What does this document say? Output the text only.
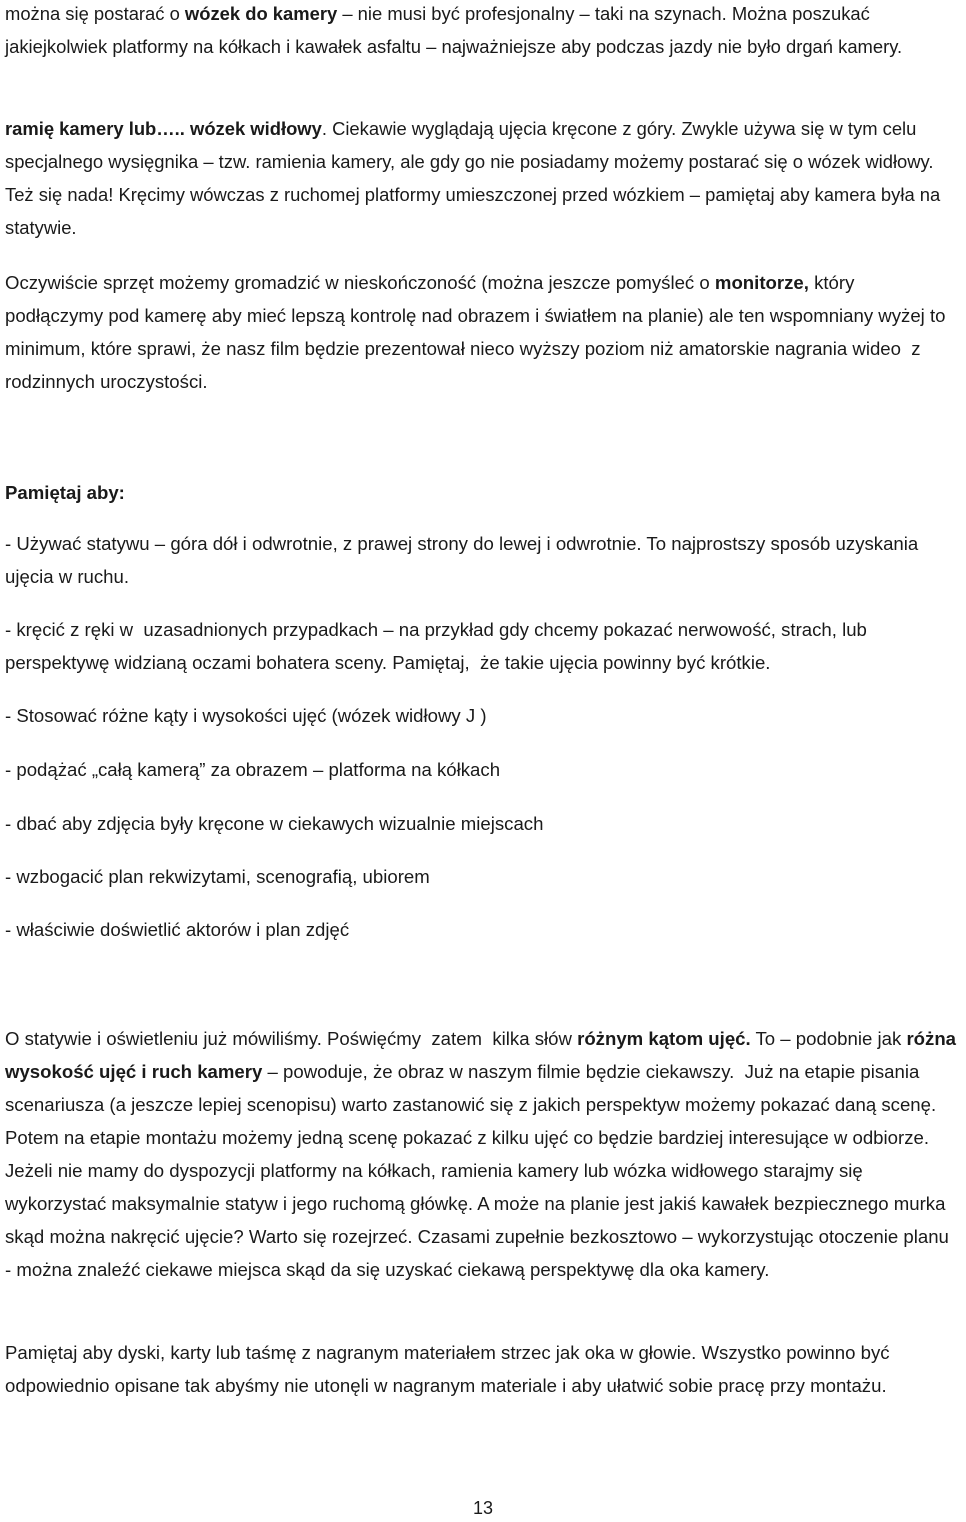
można się postarać o wózek do kamery – nie musi być profesjonalny – taki na szynach. Można poszukać jakiejkolwiek platformy na kółkach i kawałek asfaltu – najważniejsze aby podczas jazdy nie było drgań kamery.

ramię kamery lub….. wózek widłowy. Ciekawie wyglądają ujęcia kręcone z góry. Zwykle używa się w tym celu specjalnego wysięgnika – tzw. ramienia kamery, ale gdy go nie posiadamy możemy postarać się o wózek widłowy. Też się nada! Kręcimy wówczas z ruchomej platformy umieszczonej przed wózkiem – pamiętaj aby kamera była na statywie.

Oczywiście sprzęt możemy gromadzić w nieskończoność (można jeszcze pomyśleć o monitorze, który podłączymy pod kamerę aby mieć lepszą kontrolę nad obrazem i światłem na planie) ale ten wspomniany wyżej to minimum, które sprawi, że nasz film będzie prezentował nieco wyższy poziom niż amatorskie nagrania wideo  z rodzinnych uroczystości.

Pamiętaj aby:

- Używać statywu – góra dół i odwrotnie, z prawej strony do lewej i odwrotnie. To najprostszy sposób uzyskania ujęcia w ruchu.

- kręcić z ręki w  uzasadnionych przypadkach – na przykład gdy chcemy pokazać nerwowość, strach, lub perspektywę widzianą oczami bohatera sceny. Pamiętaj,  że takie ujęcia powinny być krótkie.

- Stosować różne kąty i wysokości ujęć (wózek widłowy J )

- podążać „całą kamerą” za obrazem – platforma na kółkach

- dbać aby zdjęcia były kręcone w ciekawych wizualnie miejscach

- wzbogacić plan rekwizytami, scenografią, ubiorem

- właściwie doświetlić aktorów i plan zdjęć

O statywie i oświetleniu już mówiliśmy. Poświęćmy  zatem  kilka słów różnym kątom ujęć. To – podobnie jak różna wysokość ujęć i ruch kamery – powoduje, że obraz w naszym filmie będzie ciekawszy.  Już na etapie pisania scenariusza (a jeszcze lepiej scenopisu) warto zastanowić się z jakich perspektyw możemy pokazać daną scenę. Potem na etapie montażu możemy jedną scenę pokazać z kilku ujęć co będzie bardziej interesujące w odbiorze. Jeżeli nie mamy do dyspozycji platformy na kółkach, ramienia kamery lub wózka widłowego starajmy się wykorzystać maksymalnie statyw i jego ruchomą główkę. A może na planie jest jakiś kawałek bezpiecznego murka skąd można nakręcić ujęcie? Warto się rozejrzeć. Czasami zupełnie bezkosztowo – wykorzystując otoczenie planu - można znaleźć ciekawe miejsca skąd da się uzyskać ciekawą perspektywę dla oka kamery.

Pamiętaj aby dyski, karty lub taśmę z nagranym materiałem strzec jak oka w głowie. Wszystko powinno być odpowiednio opisane tak abyśmy nie utonęli w nagranym materiale i aby ułatwić sobie pracę przy montażu.

13
